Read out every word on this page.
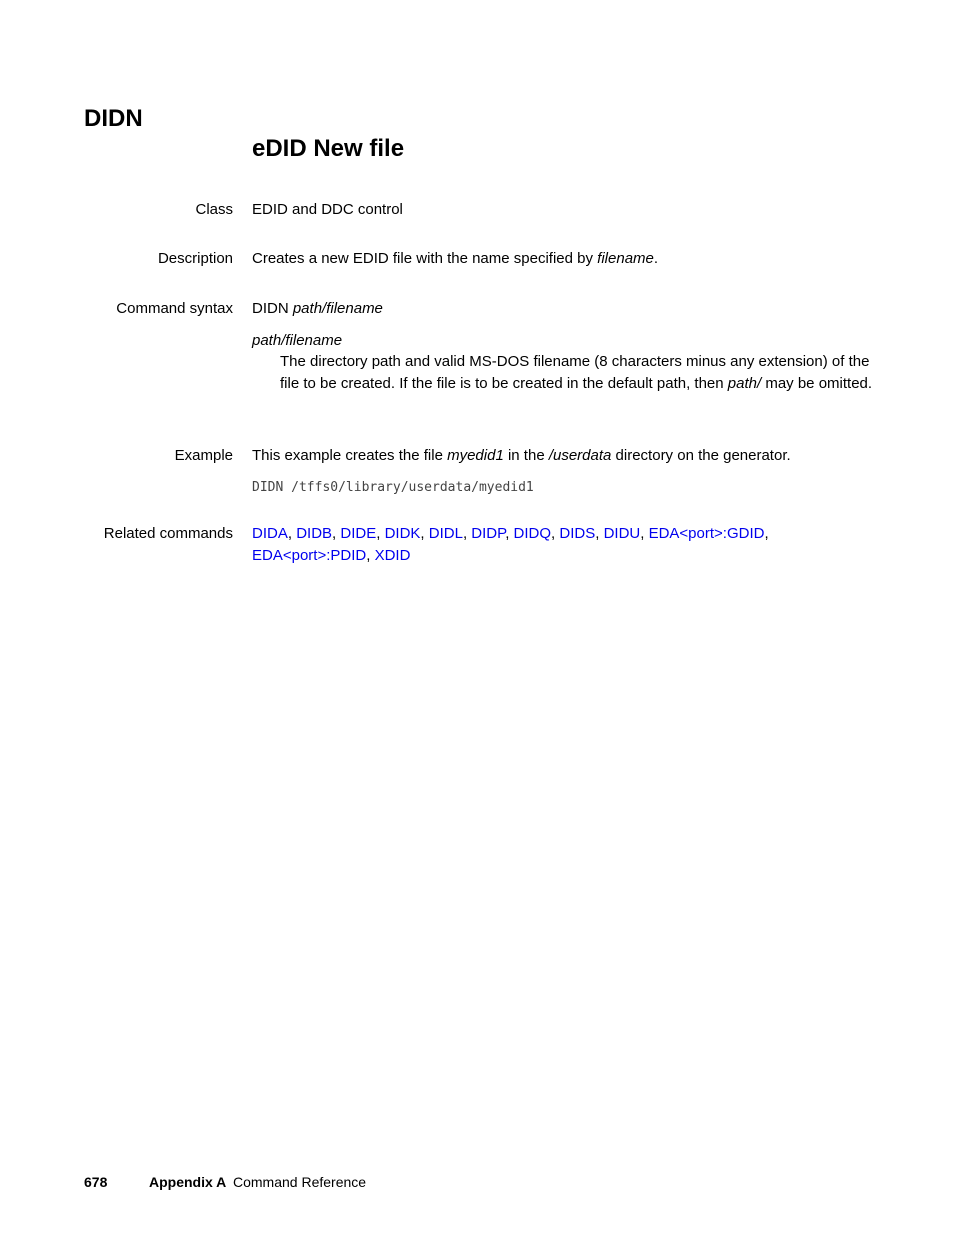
DIDN
eDID New file
Class EDID and DDC control
Description Creates a new EDID file with the name specified by filename.
Command syntax DIDN path/filename
path/filename
The directory path and valid MS-DOS filename (8 characters minus any extension) of the file to be created. If the file is to be created in the default path, then path/ may be omitted.
Example This example creates the file myedid1 in the /userdata directory on the generator.
DIDN /tffs0/library/userdata/myedid1
Related commands DIDA, DIDB, DIDE, DIDK, DIDL, DIDP, DIDQ, DIDS, DIDU, EDA<port>:GDID,
EDA<port>:PDID, XDID
678	Appendix A Command Reference
